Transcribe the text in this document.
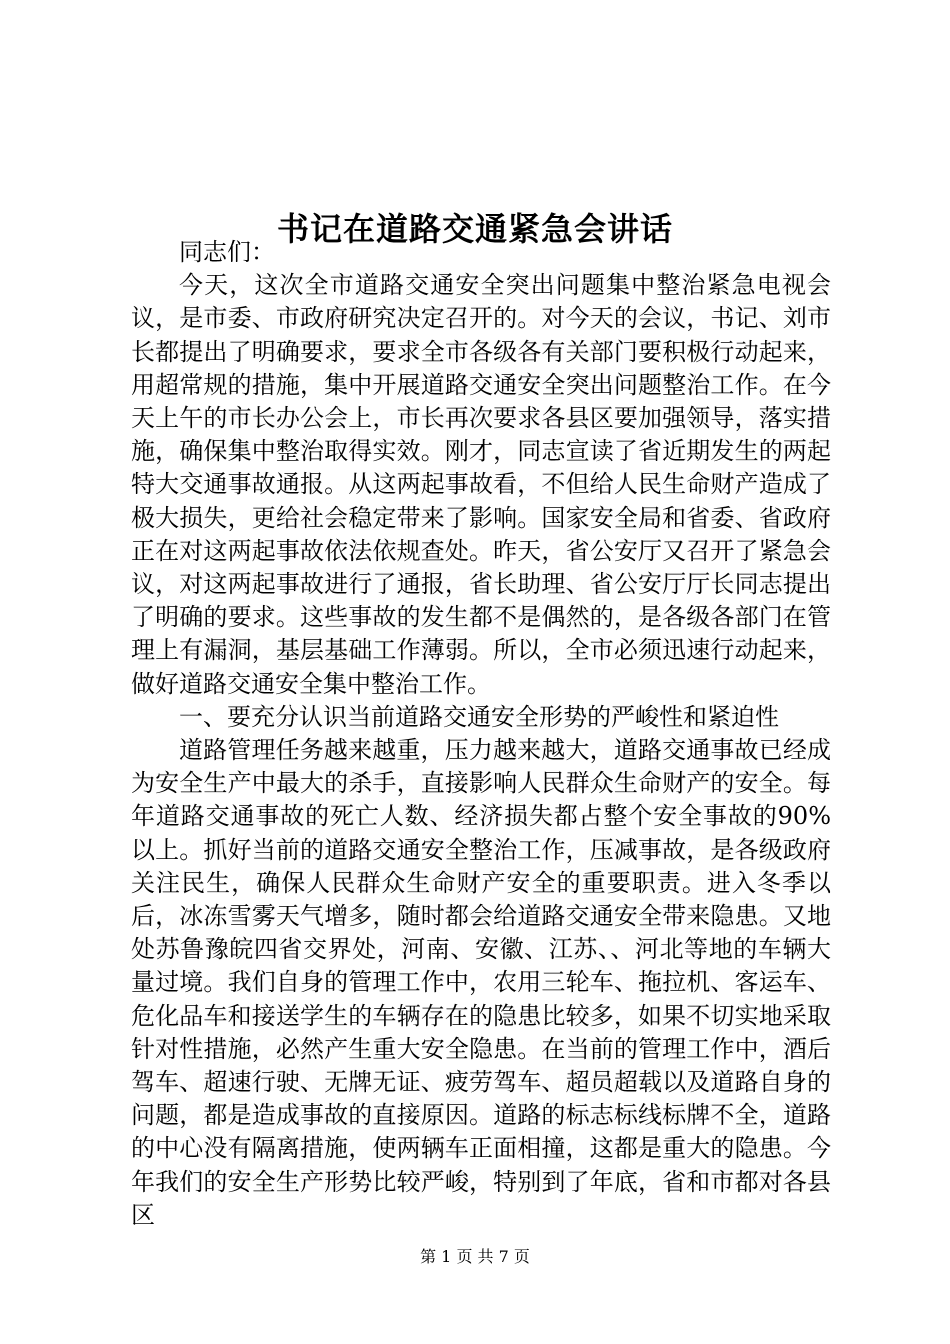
书记在道路交通紧急会讲话

同志们：

今天，这次全市道路交通安全突出问题集中整治紧急电视会议，是市委、市政府研究决定召开的。对今天的会议，书记、刘市长都提出了明确要求，要求全市各级各有关部门要积极行动起来，用超常规的措施，集中开展道路交通安全突出问题整治工作。在今天上午的市长办公会上，市长再次要求各县区要加强领导，落实措施，确保集中整治取得实效。刚才，同志宣读了省近期发生的两起特大交通事故通报。从这两起事故看，不但给人民生命财产造成了极大损失，更给社会稳定带来了影响。国家安全局和省委、省政府正在对这两起事故依法依规查处。昨天，省公安厅又召开了紧急会议，对这两起事故进行了通报，省长助理、省公安厅厅长同志提出了明确的要求。这些事故的发生都不是偶然的，是各级各部门在管理上有漏洞，基层基础工作薄弱。所以，全市必须迅速行动起来，做好道路交通安全集中整治工作。

一、要充分认识当前道路交通安全形势的严峻性和紧迫性

道路管理任务越来越重，压力越来越大，道路交通事故已经成为安全生产中最大的杀手，直接影响人民群众生命财产的安全。每年道路交通事故的死亡人数、经济损失都占整个安全事故的90%以上。抓好当前的道路交通安全整治工作，压减事故，是各级政府关注民生，确保人民群众生命财产安全的重要职责。进入冬季以后，冰冻雪雾天气增多，随时都会给道路交通安全带来隐患。又地处苏鲁豫皖四省交界处，河南、安徽、江苏、、河北等地的车辆大量过境。我们自身的管理工作中，农用三轮车、拖拉机、客运车、危化品车和接送学生的车辆存在的隐患比较多，如果不切实地采取针对性措施，必然产生重大安全隐患。在当前的管理工作中，酒后驾车、超速行驶、无牌无证、疲劳驾车、超员超载以及道路自身的问题，都是造成事故的直接原因。道路的标志标线标牌不全，道路的中心没有隔离措施，使两辆车正面相撞，这都是重大的隐患。今年我们的安全生产形势比较严峻，特别到了年底，省和市都对各县区

第 1 页 共 7 页
